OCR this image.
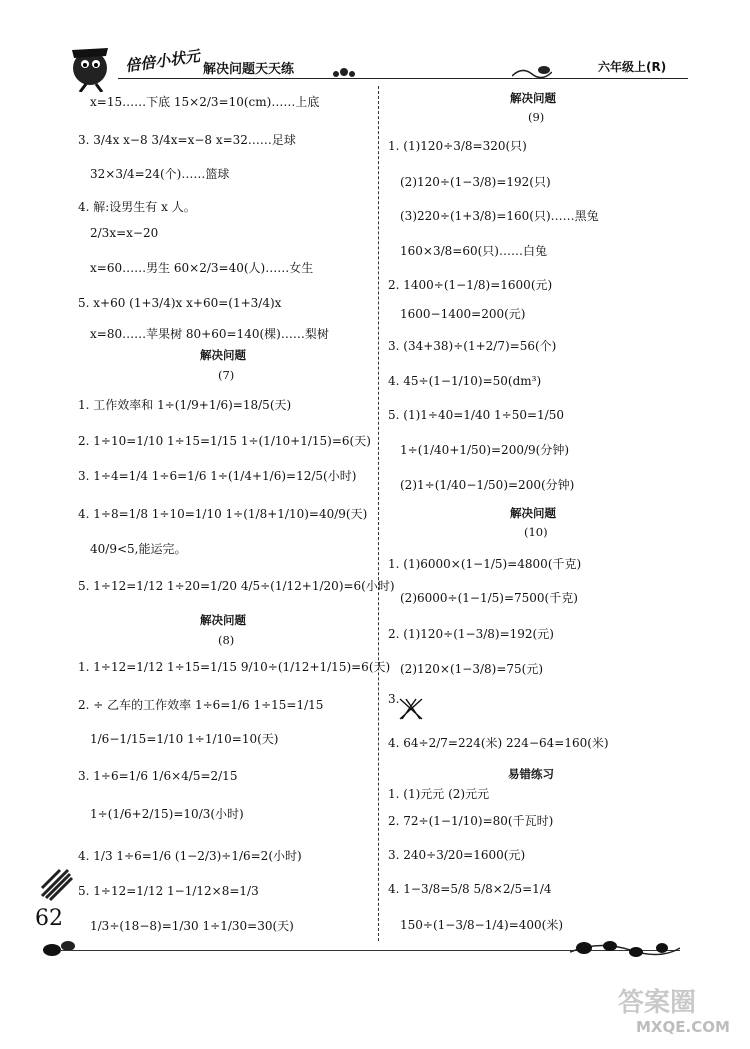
倍倍小状元 解决问题天天练	六年级上(R)
x=15……下底 15×2/3=10(cm)……上底
3. 3/4x x−8 3/4x=x−8 x=32……足球
32×3/4=24(个)……篮球
4. 解:设男生有 x 人。
2/3x=x−20
x=60……男生 60×2/3=40(人)……女生
5. x+60 (1+3/4)x x+60=(1+3/4)x
x=80……苹果树 80+60=140(棵)……梨树
解决问题
(7)
1. 工作效率和 1÷(1/9+1/6)=18/5(天)
2. 1÷10=1/10 1÷15=1/15 1÷(1/10+1/15)=6(天)
3. 1÷4=1/4 1÷6=1/6 1÷(1/4+1/6)=12/5(小时)
4. 1÷8=1/8 1÷10=1/10 1÷(1/8+1/10)=40/9(天)
40/9<5,能运完。
5. 1÷12=1/12 1÷20=1/20 4/5÷(1/12+1/20)=6(小时)
解决问题
(8)
1. 1÷12=1/12 1÷15=1/15 9/10÷(1/12+1/15)=6(天)
2. ÷ 乙车的工作效率 1÷6=1/6 1÷15=1/15
1/6−1/15=1/10 1÷1/10=10(天)
3. 1÷6=1/6 1/6×4/5=2/15
1÷(1/6+2/15)=10/3(小时)
4. 1/3 1÷6=1/6 (1−2/3)÷1/6=2(小时)
5. 1÷12=1/12 1−1/12×8=1/3
1/3÷(18−8)=1/30 1÷1/30=30(天)
解决问题
(9)
1. (1)120÷3/8=320(只)
(2)120÷(1−3/8)=192(只)
(3)220÷(1+3/8)=160(只)……黑兔
160×3/8=60(只)……白兔
2. 1400÷(1−1/8)=1600(元)
1600−1400=200(元)
3. (34+38)÷(1+2/7)=56(个)
4. 45÷(1−1/10)=50(dm³)
5. (1)1÷40=1/40 1÷50=1/50
1÷(1/40+1/50)=200/9(分钟)
(2)1÷(1/40−1/50)=200(分钟)
解决问题
(10)
1. (1)6000×(1−1/5)=4800(千克)
(2)6000÷(1−1/5)=7500(千克)
2. (1)120÷(1−3/8)=192(元)
(2)120×(1−3/8)=75(元)
3.
4. 64÷2/7=224(米) 224−64=160(米)
易错练习
1. (1)元元 (2)元元
2. 72÷(1−1/10)=80(千瓦时)
3. 240÷3/20=1600(元)
4. 1−3/8=5/8 5/8×2/5=1/4
150÷(1−3/8−1/4)=400(米)
62
答案圈
MXQE.COM
